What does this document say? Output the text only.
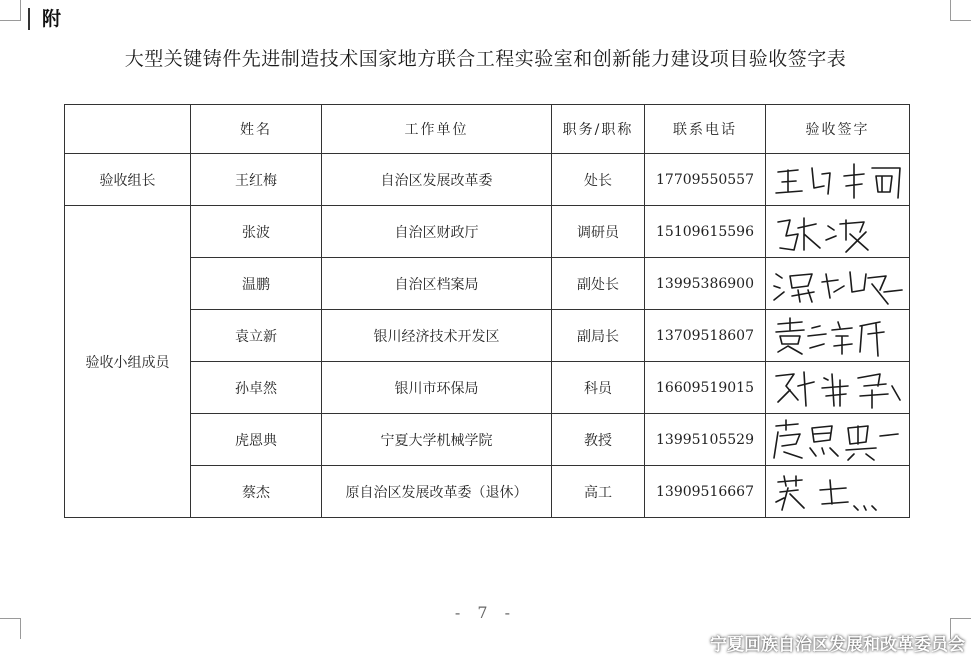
附
大型关键铸件先进制造技术国家地方联合工程实验室和创新能力建设项目验收签字表
	姓名	工作单位	职务/职称	联系电话	验收签字
验收组长	王红梅	自治区发展改革委	处长	17709550557	

验收小组成员	张波	自治区财政厅	调研员	15109615596	

	温鹏	自治区档案局	副处长	13995386900	

	袁立新	银川经济技术开发区	副局长	13709518607	

	孙卓然	银川市环保局	科员	16609519015	

	虎恩典	宁夏大学机械学院	教授	13995105529	

	蔡杰	原自治区发展改革委（退休）	高工	13909516667	
- 7 -
宁夏回族自治区发展和改革委员会
